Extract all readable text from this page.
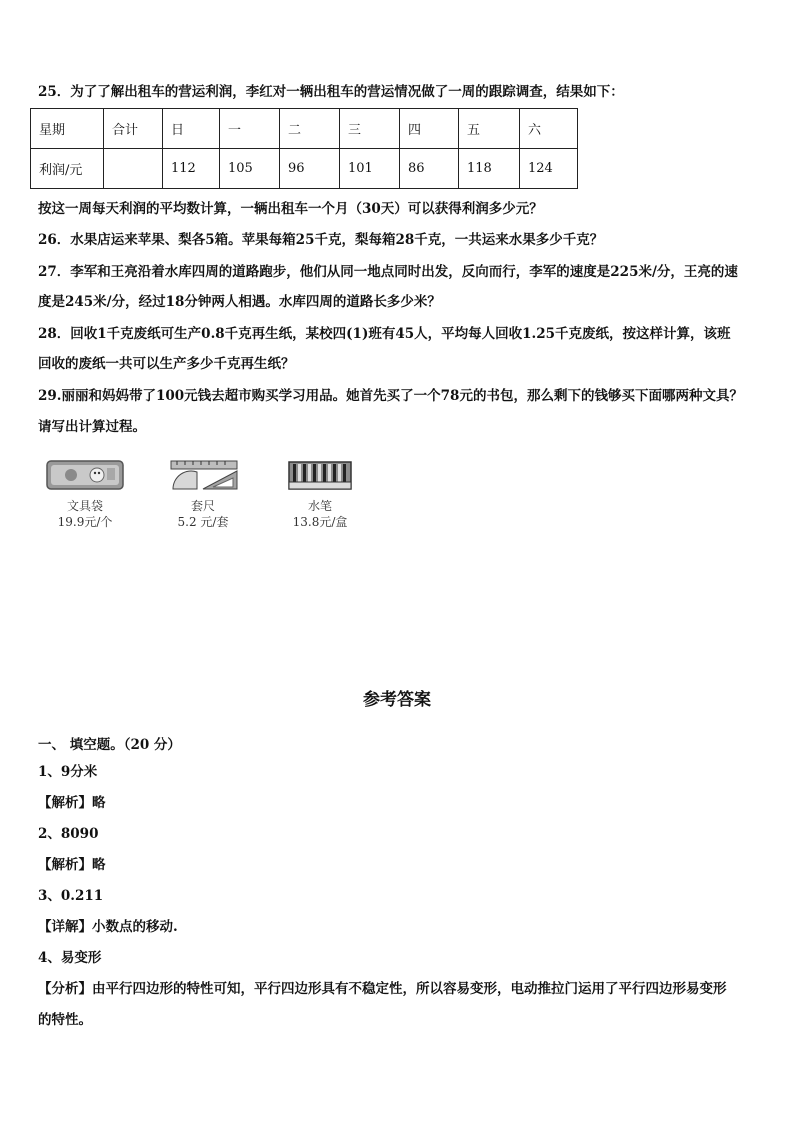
25．为了了解出租车的营运利润，李红对一辆出租车的营运情况做了一周的跟踪调查，结果如下：
星期	合计	日	一	二	三	四	五	六
利润/元		112	105	96	101	86	118	124
按这一周每天利润的平均数计算，一辆出租车一个月（30天）可以获得利润多少元？
26．水果店运来苹果、梨各5箱。苹果每箱25千克，梨每箱28千克，一共运来水果多少千克？
27．李军和王亮沿着水库四周的道路跑步，他们从同一地点同时出发，反向而行，李军的速度是225米/分，王亮的速
度是245米/分，经过18分钟两人相遇。水库四周的道路长多少米？
28．回收1千克废纸可生产0.8千克再生纸，某校四(1)班有45人，平均每人回收1.25千克废纸，按这样计算，该班
回收的废纸一共可以生产多少千克再生纸？
29.丽丽和妈妈带了100元钱去超市购买学习用品。她首先买了一个78元的书包，那么剩下的钱够买下面哪两种文具？
请写出计算过程。
文具袋
19.9元/个
套尺
5.2 元/套
水笔
13.8元/盒
参考答案
一、 填空题。（20 分）
1、9分米
【解析】略
2、8090
【解析】略
3、0.211
【详解】小数点的移动.
4、易变形
【分析】由平行四边形的特性可知，平行四边形具有不稳定性，所以容易变形，电动推拉门运用了平行四边形易变形
的特性。
